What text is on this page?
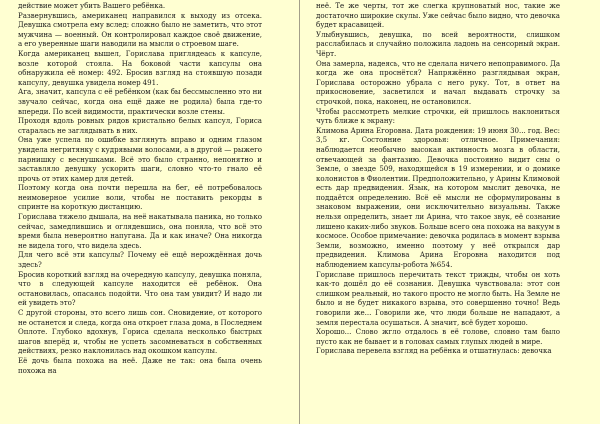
действие может убить Вашего ребёнка.

Развернувшись, американец направился к выходу из отсека. Девушка смотрела ему вслед: сложно было не заметить, что этот мужчина — военный. Он контролировал каждое своё движение, а его уверенные шаги наводили на мысли о строевом шаге.

Когда американец вышел, Горислава приглядеась к капсуле, возле которой стояла. На боковой части капсулы она обнаружила её номер: 492. Бросив взгляд на стоявшую позади капсулу, девушка увидела номер 491.

Ага, значит, капсула с её ребёнком (как бы бессмысленно это ни звучало сейчас, когда она ещё даже не родила) была где-то впереди. По всей видимости, практически возле стены.

Проходя вдоль ровных рядов кристально белых капсул, Гориса старалась не заглядывать в них.

Она уже успела по ошибке взглянуть вправо и одним глазом увидела негритянку с кудрявыми волосами, а в другой — рыжего парнишку с веснушками. Всё это было странно, непонятно и заставляло девушку ускорить шаги, словно что-то гнало её прочь от этих камер для детей.

Поэтому когда она почти перешла на бег, её потребовалось неимоверное усилие воли, чтобы не поставить рекорды в спринте на короткую дистанцию.

Горислава тяжело дышала, на неё накатывала паника, но только сейчас, замедлившись и оглядевшись, она поняла, что всё это время была невероятно напугана. Да и как иначе? Она никогда не видела того, что видела здесь.

Для чего всё эти капсулы? Почему её ещё нерождённая дочь здесь?

Бросив короткий взгляд на очередную капсулу, девушка поняла, что в следующей капсуле находится её ребёнок. Она остановилась, опасаясь подойти. Что она там увидит? И надо ли ей увидеть это?

С другой стороны, это всего лишь сон. Сновидение, от которого не останется и следа, когда она откроет глаза дома, в Последнем Оплоте. Глубоко вдохнув, Гориса сделала несколько быстрых шагов вперёд и, чтобы не успеть засомневаться в собственных действиях, резко наклонилась над окошком капсулы.

Её дочь была похожа на неё. Даже не так: она была очень похожа на

неё. Те же черты, тот же слегка крупноватый нос, такие же достаточно широкие скулы. Уже сейчас было видно, что девочка будет красавицей.

Улыбнувшись, девушка, по всей вероятности, слишком расслабилась и случайно положила ладонь на сенсорный экран. Чёрт.

Она замерла, надеясь, что не сделала ничего непоправимого. Да когда же она проснётся? Напряжённо разглядывая экран, Горислава осторожно убрала с него руку. Тот, в ответ на прикосновение, засветился и начал выдавать строчку за строчкой, пока, наконец, не остановился.

Чтобы рассмотреть мелкие строчки, ей пришлось наклониться чуть ближе к экрану:

Климова Арина Егоровна. Дата рождения: 19 июня 30... год. Вес: 3,5 кг. Состояние здоровья: отличное. Примечания: наблюдается необычно высокая активность мозга в области, отвечающей за фантазию. Девочка постоянно видит сны о Земле, о звезде 509, находящейся в 19 измерении, и о домике колонистов в Фиолентии. Предположительно, у Арины Климовой есть дар предвидения. Язык, на котором мыслит девочка, не поддаётся определению. Всё её мысли не сформулированы в знаковом выражении, они исключительно визуальны. Также нельзя определить, знает ли Арина, что такое звук, её сознание лишено каких-либо звуков. Больше всего она похожа на вакуум в космосе. Особое примечание: девочка родилась в момент взрыва Земли, возможно, именно поэтому у неё открылся дар предвидения. Климова Арина Егоровна находится под наблюдением капсулы-робота №654.

Гориславе пришлось перечитать текст трижды, чтобы он хоть как-то дошёл до её сознания. Девушка чувствовала: этот сон слишком реальный, но такого просто не могло быть. На Земле не было и не будет никакого взрыва, это совершенно точно! Ведь говорили же... Говорили же, что люди больше не нападают, а земля перестала осушаться. А значит, всё будет хорошо.

Хорошо... Слово жгло отдалось в её голове, словно там было пусто как не бывает и в головах самых глупых людей в мире.

Горислава перевела взгляд на ребёнка и отшатнулась: девочка
